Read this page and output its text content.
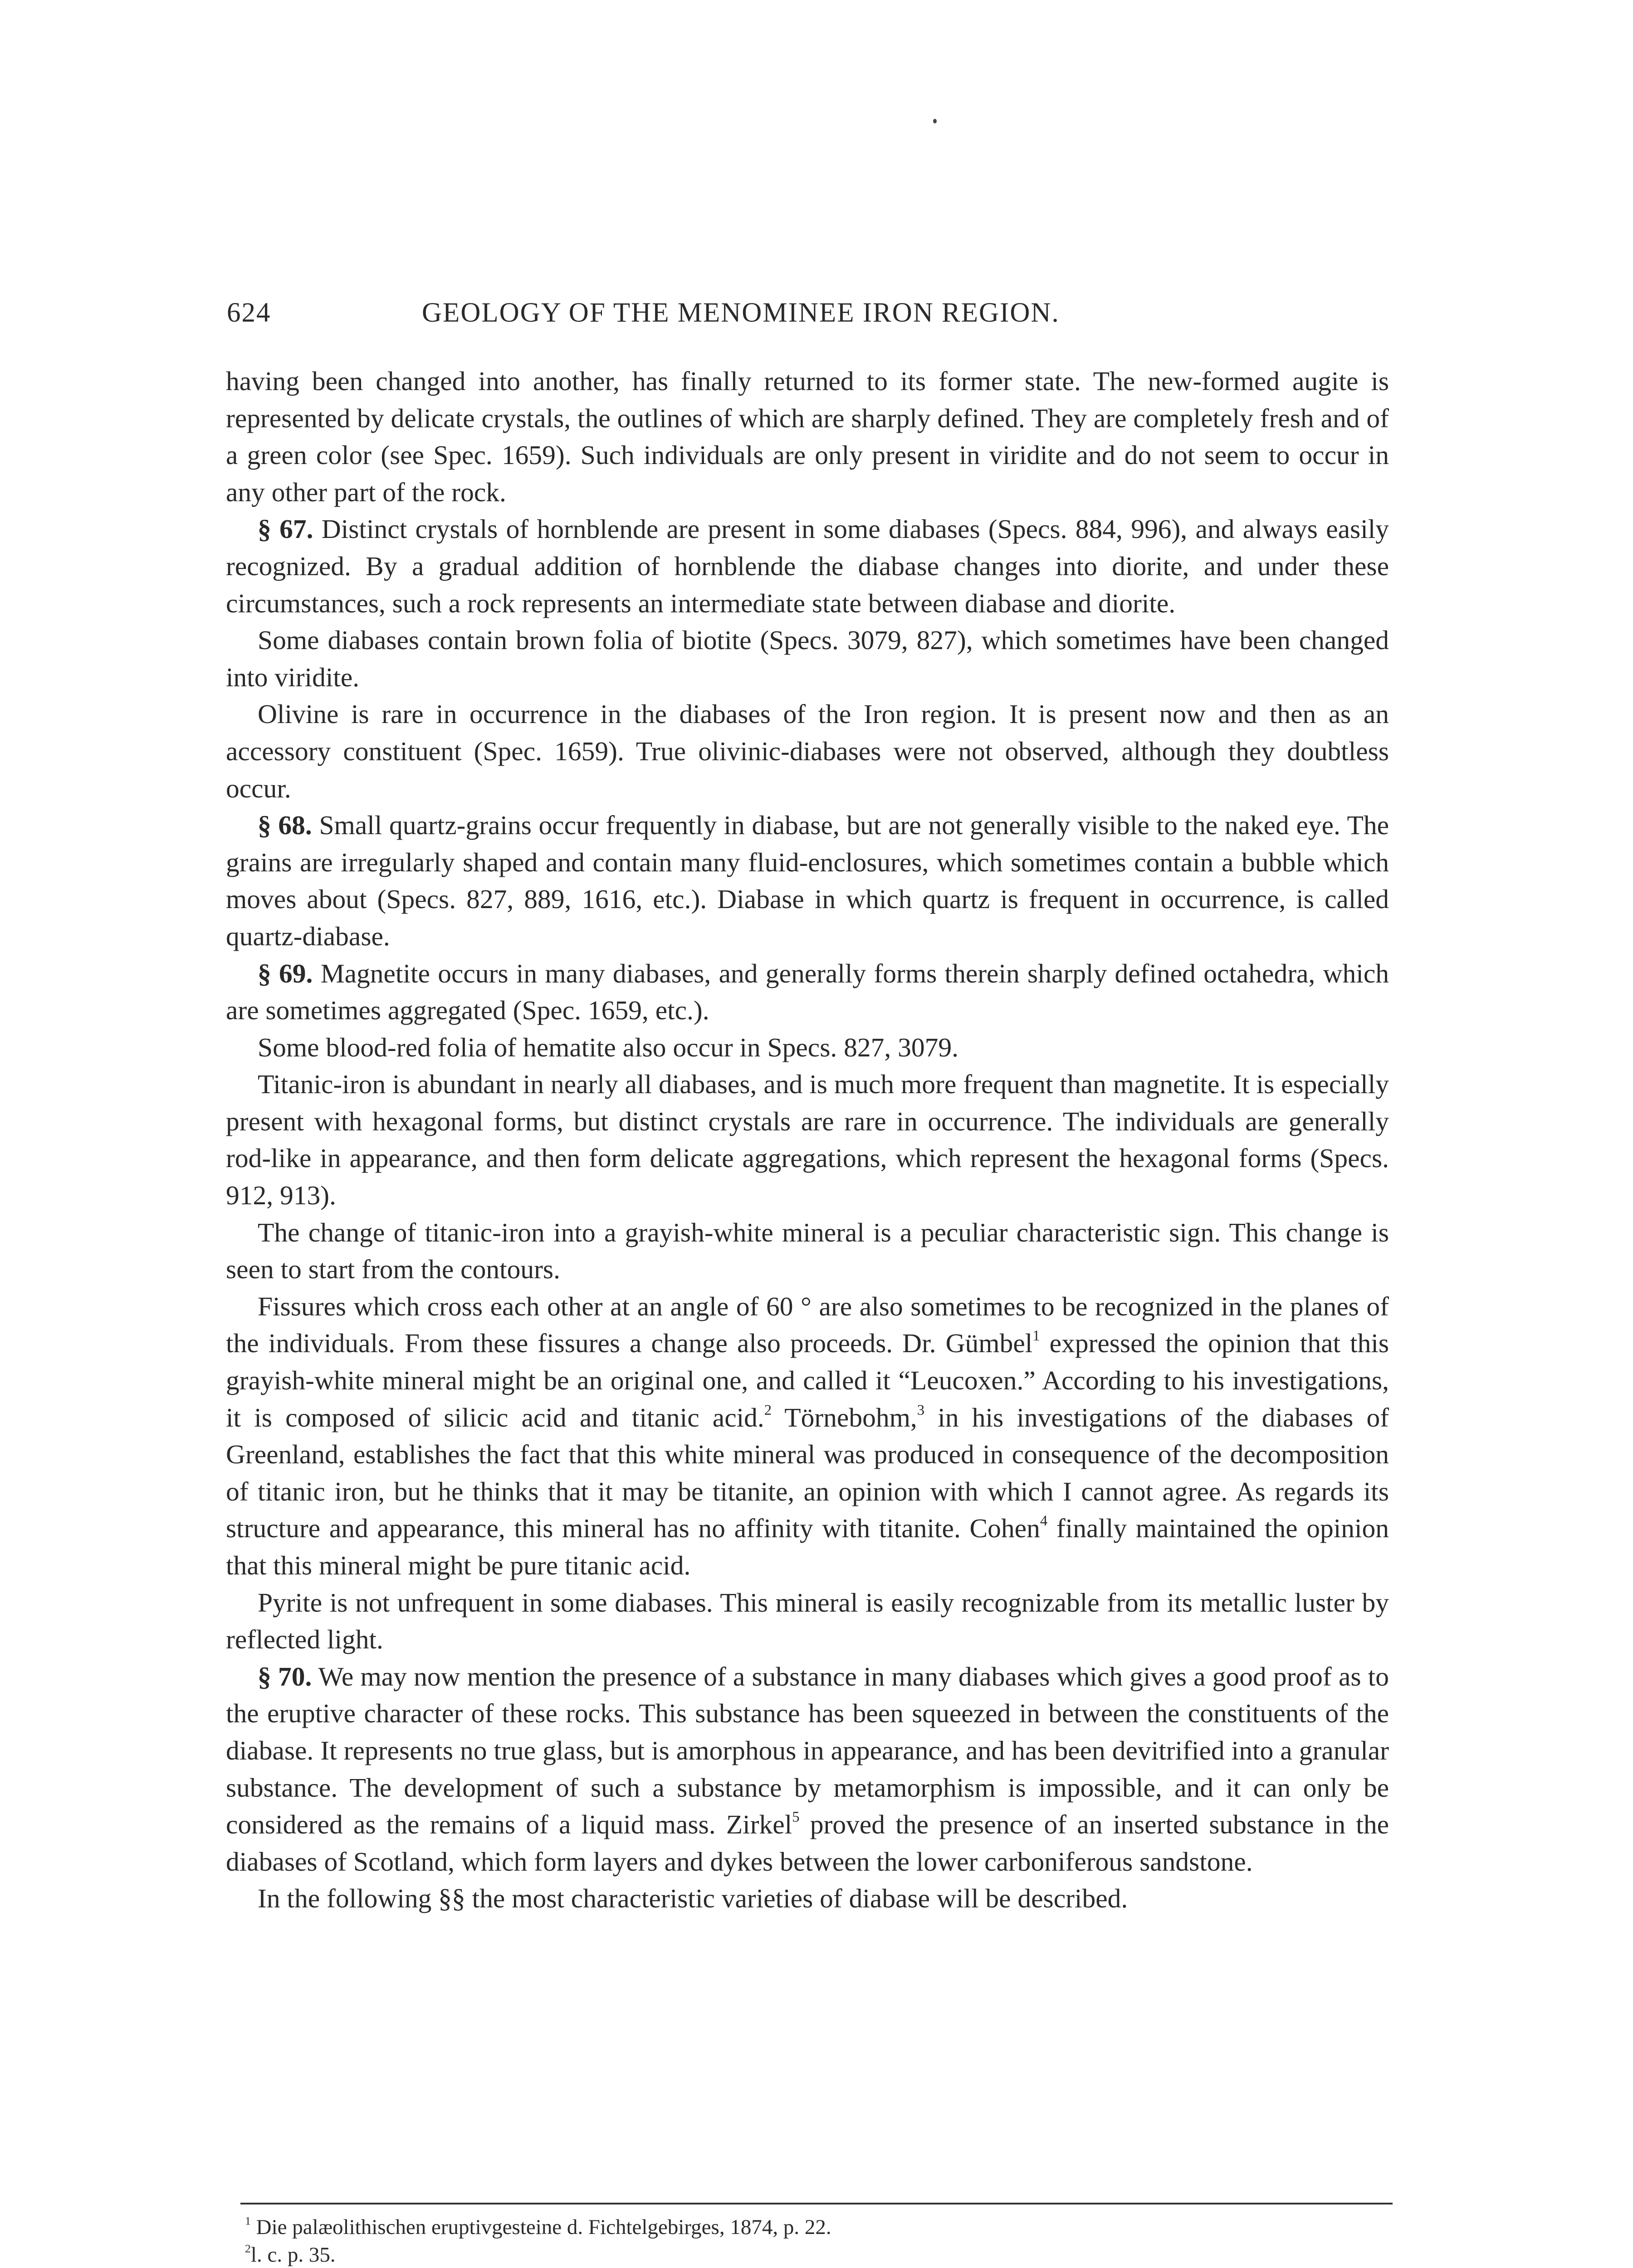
624	GEOLOGY OF THE MENOMINEE IRON REGION.

having been changed into another, has finally returned to its former state. The new-formed augite is represented by delicate crystals, the outlines of which are sharply defined. They are completely fresh and of a green color (see Spec. 1659). Such individuals are only present in viridite and do not seem to occur in any other part of the rock.

§ 67. Distinct crystals of hornblende are present in some diabases (Specs. 884, 996), and always easily recognized. By a gradual addition of hornblende the diabase changes into diorite, and under these circumstances, such a rock represents an intermediate state between diabase and diorite.

Some diabases contain brown folia of biotite (Specs. 3079, 827), which sometimes have been changed into viridite.

Olivine is rare in occurrence in the diabases of the Iron region. It is present now and then as an accessory constituent (Spec. 1659). True olivinic-diabases were not observed, although they doubtless occur.

§ 68. Small quartz-grains occur frequently in diabase, but are not generally visible to the naked eye. The grains are irregularly shaped and contain many fluid-enclosures, which sometimes contain a bubble which moves about (Specs. 827, 889, 1616, etc.). Diabase in which quartz is frequent in occurrence, is called quartz-diabase.

§ 69. Magnetite occurs in many diabases, and generally forms therein sharply defined octahedra, which are sometimes aggregated (Spec. 1659, etc.).

Some blood-red folia of hematite also occur in Specs. 827, 3079.

Titanic-iron is abundant in nearly all diabases, and is much more frequent than magnetite. It is especially present with hexagonal forms, but distinct crystals are rare in occurrence. The individuals are generally rod-like in appearance, and then form delicate aggregations, which represent the hexagonal forms (Specs. 912, 913).

The change of titanic-iron into a grayish-white mineral is a peculiar characteristic sign. This change is seen to start from the contours.

Fissures which cross each other at an angle of 60 ° are also sometimes to be recognized in the planes of the individuals. From these fissures a change also proceeds. Dr. Gümbel$^1$ expressed the opinion that this grayish-white mineral might be an original one, and called it “Leucoxen.” According to his investigations, it is composed of silicic acid and titanic acid.$^2$ Törnebohm,$^3$ in his investigations of the diabases of Greenland, establishes the fact that this white mineral was produced in consequence of the decomposition of titanic iron, but he thinks that it may be titanite, an opinion with which I cannot agree. As regards its structure and appearance, this mineral has no affinity with titanite. Cohen$^4$ finally maintained the opinion that this mineral might be pure titanic acid.

Pyrite is not unfrequent in some diabases. This mineral is easily recognizable from its metallic luster by reflected light.

§ 70. We may now mention the presence of a substance in many diabases which gives a good proof as to the eruptive character of these rocks. This substance has been squeezed in between the constituents of the diabase. It represents no true glass, but is amorphous in appearance, and has been devitrified into a granular substance. The development of such a substance by metamorphism is impossible, and it can only be considered as the remains of a liquid mass. Zirkel$^5$ proved the presence of an inserted substance in the diabases of Scotland, which form layers and dykes between the lower carboniferous sandstone.

In the following §§ the most characteristic varieties of diabase will be described.

$^1$ Die palæolithischen eruptivgesteine d. Fichtelgebirges, 1874, p. 22.
$^2$l. c. p. 35.
